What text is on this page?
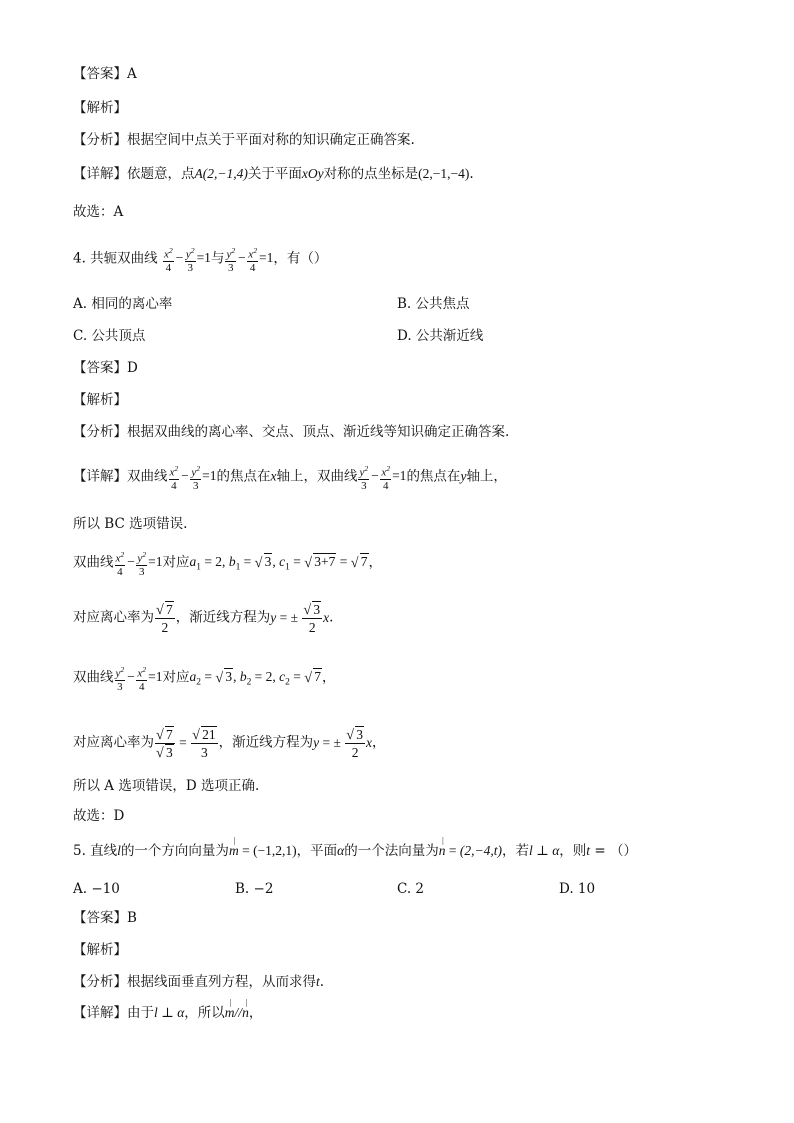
【答案】A
【解析】
【分析】根据空间中点关于平面对称的知识确定正确答案.
【详解】依题意，点A(2,−1,4)关于平面xOy对称的点坐标是(2,−1,−4).
故选：A
4. 共轭双曲线 $\frac{x^2}{4} - \frac{y^2}{3} =1$与 $\frac{y^2}{3} - \frac{x^2}{4} =1$，有（）
A. 相同的离心率	B. 公共焦点
C. 公共顶点	D. 公共渐近线
【答案】D
【解析】
【分析】根据双曲线的离心率、交点、顶点、渐近线等知识确定正确答案.
【详解】双曲线 $\frac{x^2}{4} - \frac{y^2}{3} =1$的焦点在x轴上，双曲线 $\frac{y^2}{3} - \frac{x^2}{4} =1$的焦点在y轴上，
所以 BC 选项错误.
双曲线 $\frac{x^2}{4} - \frac{y^2}{3} =1$对应$a_1 = 2$, $b_1$ = √ 3, $c_1$ = √ 3+7 = √ 7，
对应离心率为 $\frac{√ 7}{2}$ ，渐近线方程为y = ± $\frac{√ 3}{2} x$.
双曲线 $\frac{y^2}{3} - \frac{x^2}{4} =1$对应$a_2$ = √ 3, $b_2 = 2$, $c_2$ = √ 7，
对应离心率为 $\frac{√ 7}{√ 3} = \frac{√ 21}{3}$ ，渐近线方程为y = ± $\frac{√ 3}{2}$ x，
所以 A 选项错误，D 选项正确.
故选：D
5. 直线l的一个方向向量为m
|
= (−1,2,1)，平面α的一个法向量为n
|
= (2,−4,t)，若l ⊥ α，则t = （）
A. −10	B. −2	C. 2	D. 10
【答案】B
【解析】
【分析】根据线面垂直列方程，从而求得t.
【详解】由于l ⊥ α，所以m
|
//n
|
，
